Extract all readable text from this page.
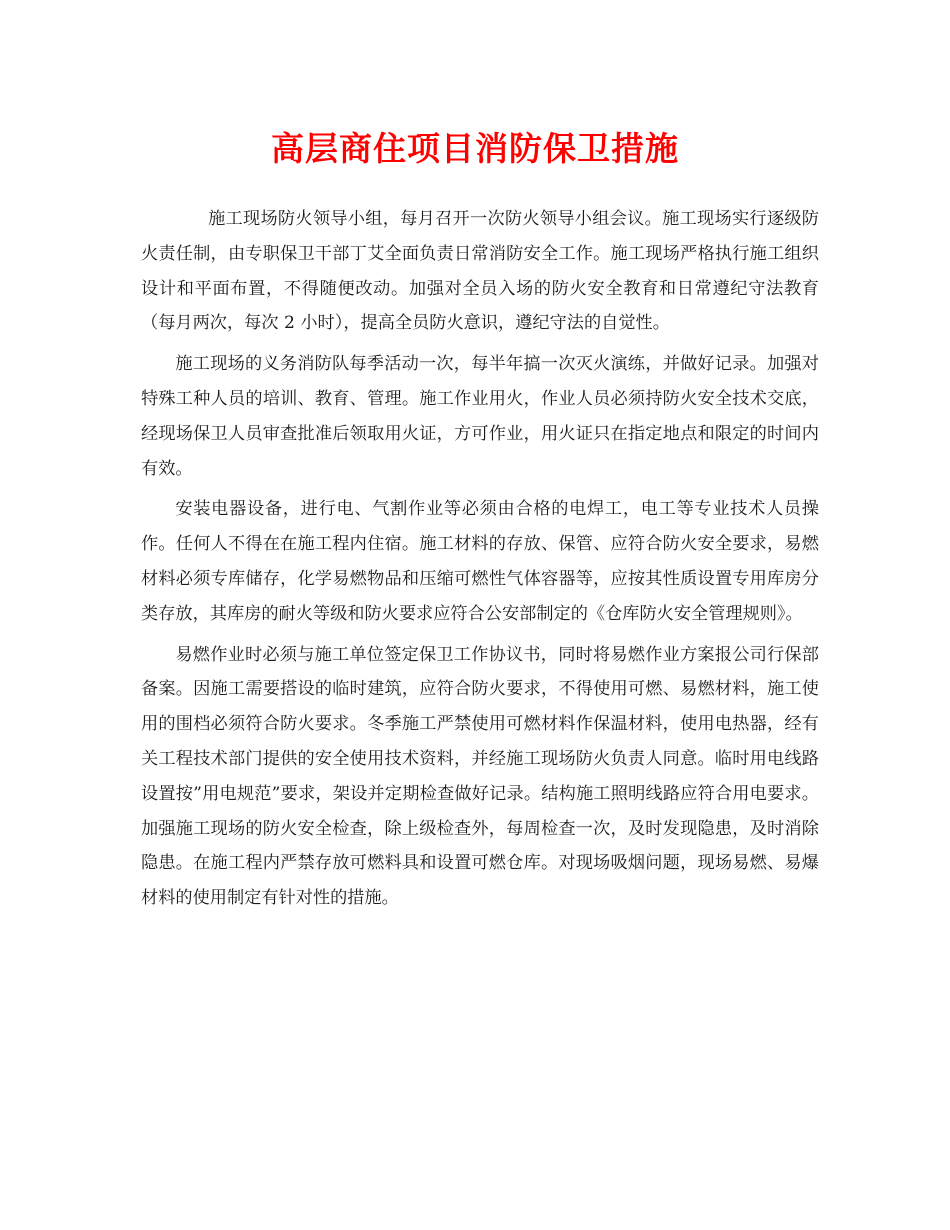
高层商住项目消防保卫措施

施工现场防火领导小组，每月召开一次防火领导小组会议。施工现场实行逐级防火责任制，由专职保卫干部丁艾全面负责日常消防安全工作。施工现场严格执行施工组织设计和平面布置，不得随便改动。加强对全员入场的防火安全教育和日常遵纪守法教育（每月两次，每次 2 小时），提高全员防火意识，遵纪守法的自觉性。

施工现场的义务消防队每季活动一次，每半年搞一次灭火演练，并做好记录。加强对特殊工种人员的培训、教育、管理。施工作业用火，作业人员必须持防火安全技术交底，经现场保卫人员审查批准后领取用火证，方可作业，用火证只在指定地点和限定的时间内有效。

安装电器设备，进行电、气割作业等必须由合格的电焊工，电工等专业技术人员操作。任何人不得在在施工程内住宿。施工材料的存放、保管、应符合防火安全要求，易燃材料必须专库储存，化学易燃物品和压缩可燃性气体容器等，应按其性质设置专用库房分类存放，其库房的耐火等级和防火要求应符合公安部制定的《仓库防火安全管理规则》。

易燃作业时必须与施工单位签定保卫工作协议书，同时将易燃作业方案报公司行保部备案。因施工需要搭设的临时建筑，应符合防火要求，不得使用可燃、易燃材料，施工使用的围档必须符合防火要求。冬季施工严禁使用可燃材料作保温材料，使用电热器，经有关工程技术部门提供的安全使用技术资料，并经施工现场防火负责人同意。临时用电线路设置按”用电规范”要求，架设并定期检查做好记录。结构施工照明线路应符合用电要求。加强施工现场的防火安全检查，除上级检查外，每周检查一次，及时发现隐患，及时消除隐患。在施工程内严禁存放可燃料具和设置可燃仓库。对现场吸烟问题，现场易燃、易爆材料的使用制定有针对性的措施。
